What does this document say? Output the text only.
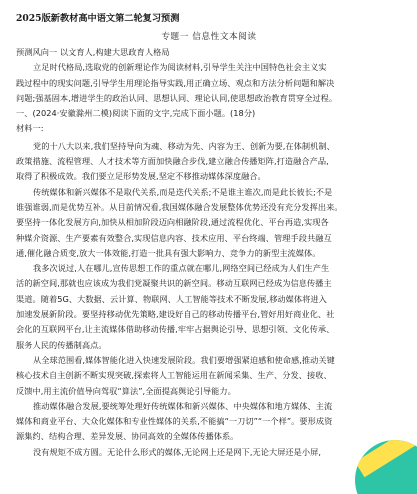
2025版新教材高中语文第二轮复习预测

专题一 信息性文本阅读

预测风向一 以文育人,构建大思政育人格局

立足时代格局,选取党的创新理论作为阅读材料,引导学生关注中国特色社会主义实

践过程中的现实问题,引导学生用理论指导实践,用正确立场、观点和方法分析问题和解决

问题;强基固本,增进学生的政治认同、思想认同、理论认同,使思想政治教育贯穿全过程。

一、(2024·安徽滁州二模)阅读下面的文字,完成下面小题。(18分)

材料一:

党的十八大以来,我们坚持导向为魂、移动为先、内容为王、创新为要,在体制机制、

政策措施、流程管理、人才技术等方面加快融合步伐,建立融合传播矩阵,打造融合产品,

取得了积极成效。我们要立足形势发展,坚定不移推动媒体深度融合。

传统媒体和新兴媒体不是取代关系,而是迭代关系;不是谁主谁次,而是此长彼长;不是

谁强谁弱,而是优势互补。从目前情况看,我国媒体融合发展整体优势还没有充分发挥出来。

要坚持一体化发展方向,加快从相加阶段迈向相融阶段,通过流程优化、平台再造,实现各

种媒介资源、生产要素有效整合,实现信息内容、技术应用、平台终端、管理手段共融互

通,催化融合质变,放大一体效能,打造一批具有强大影响力、竞争力的新型主流媒体。

我多次说过,人在哪儿,宣传思想工作的重点就在哪儿,网络空间已经成为人们生产生

活的新空间,那就也应该成为我们党凝聚共识的新空间。移动互联网已经成为信息传播主

渠道。随着5G、大数据、云计算、物联网、人工智能等技术不断发展,移动媒体将进入

加速发展新阶段。要坚持移动优先策略,建设好自己的移动传播平台,管好用好商业化、社

会化的互联网平台,让主流媒体借助移动传播,牢牢占据舆论引导、思想引领、文化传承、

服务人民的传播制高点。

从全球范围看,媒体智能化进入快速发展阶段。我们要增强紧迫感和使命感,推动关键

核心技术自主创新不断实现突破,探索将人工智能运用在新闻采集、生产、分发、接收、

反馈中,用主流价值导向驾驭“算法”,全面提高舆论引导能力。

推动媒体融合发展,要统筹处理好传统媒体和新兴媒体、中央媒体和地方媒体、主流

媒体和商业平台、大众化媒体和专业性媒体的关系,不能搞“一刀切”“一个样”。要形成资

源集约、结构合理、差异发展、协同高效的全媒体传播体系。

没有规矩不成方圆。无论什么形式的媒体,无论网上还是网下,无论大屏还是小屏,
